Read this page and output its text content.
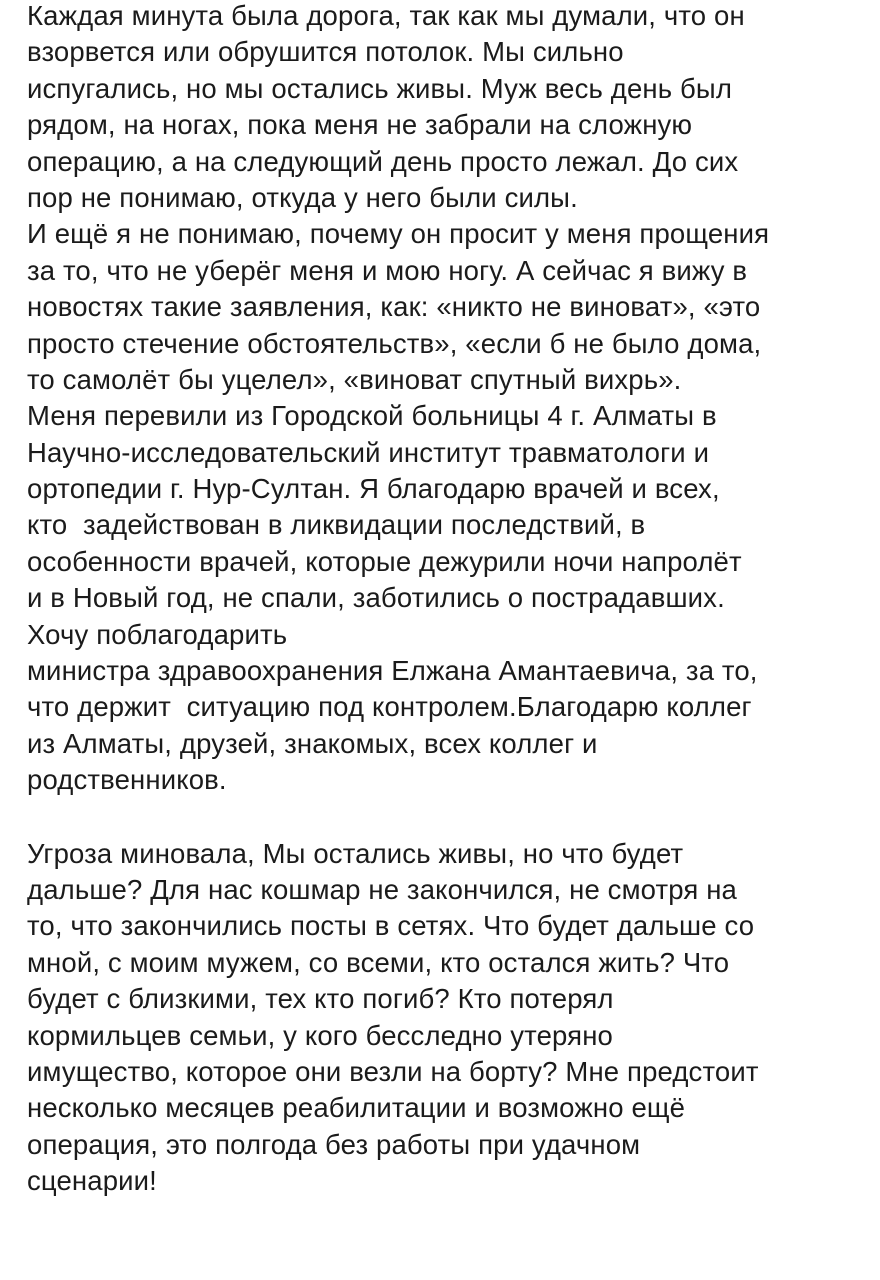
Каждая минута была дорога, так как мы думали, что он
взорвется или обрушится потолок. Мы сильно
испугались, но мы остались живы. Муж весь день был
рядом, на ногах, пока меня не забрали на сложную
операцию, а на следующий день просто лежал. До сих
пор не понимаю, откуда у него были силы.
И ещё я не понимаю, почему он просит у меня прощения
за то, что не уберёг меня и мою ногу. А сейчас я вижу в
новостях такие заявления, как: «никто не виноват», «это
просто стечение обстоятельств», «если б не было дома,
то самолёт бы уцелел», «виноват спутный вихрь».
Меня перевили из Городской больницы 4 г. Алматы в
Научно-исследовательский институт травматологи и
ортопедии г. Нур-Султан. Я благодарю врачей и всех,
кто  задействован в ликвидации последствий, в
особенности врачей, которые дежурили ночи напролёт
и в Новый год, не спали, заботились о пострадавших.
Хочу поблагодарить
министра здравоохранения Елжана Амантаевича, за то,
что держит  ситуацию под контролем.Благодарю коллег
из Алматы, друзей, знакомых, всех коллег и
родственников.
Угроза миновала, Мы остались живы, но что будет
дальше? Для нас кошмар не закончился, не смотря на
то, что закончились посты в сетях. Что будет дальше со
мной, с моим мужем, со всеми, кто остался жить? Что
будет с близкими, тех кто погиб? Кто потерял
кормильцев семьи, у кого бесследно утеряно
имущество, которое они везли на борту? Мне предстоит
несколько месяцев реабилитации и возможно ещё
операция, это полгода без работы при удачном
сценарии!
